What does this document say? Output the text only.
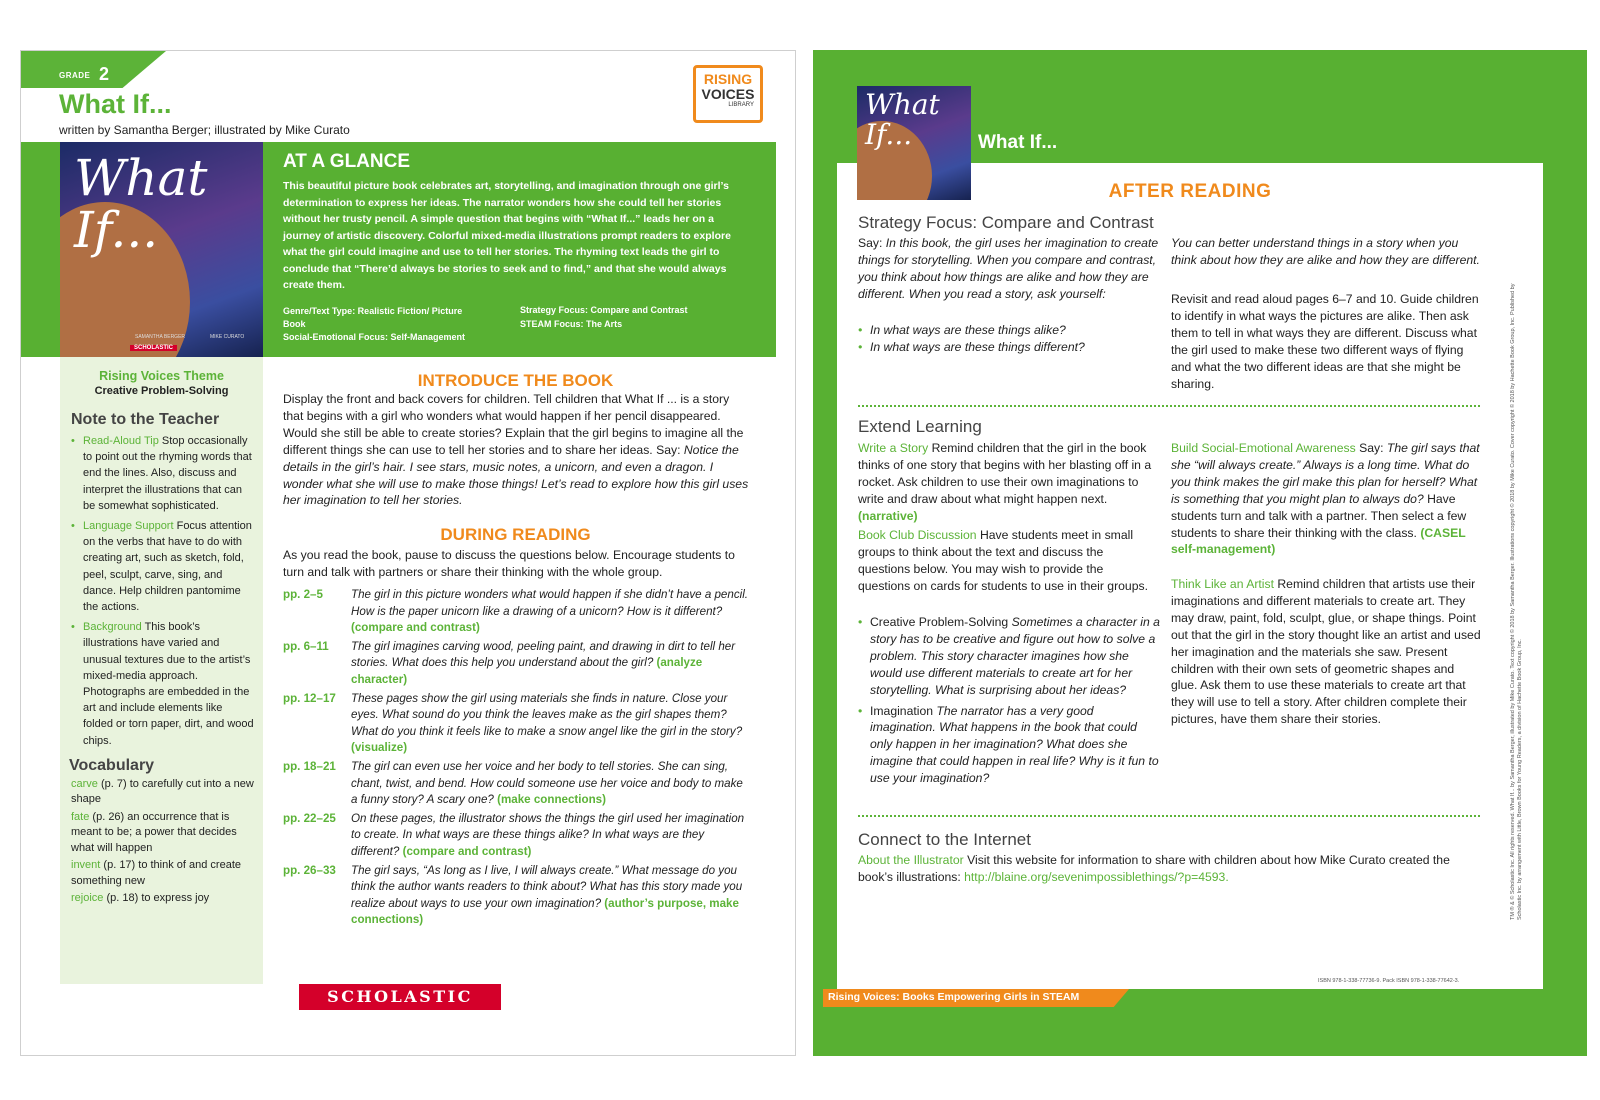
GRADE 2
What If...
written by Samantha Berger; illustrated by Mike Curato
RISING
VOICES
LIBRARY
What If...
SAMANTHA BERGER	MIKE CURATO
SCHOLASTIC
AT A GLANCE
This beautiful picture book celebrates art, storytelling, and imagination through one girl’s determination to express her ideas. The narrator wonders how she could tell her stories without her trusty pencil. A simple question that begins with “What If...” leads her on a journey of artistic discovery. Colorful mixed-media illustrations prompt readers to explore what the girl could imagine and use to tell her stories. The rhyming text leads the girl to conclude that “There’d always be stories to seek and to find,” and that she would always create them.
Genre/Text Type: Realistic Fiction/ Picture Book
Social-Emotional Focus: Self-Management
Strategy Focus: Compare and Contrast
STEAM Focus: The Arts
Rising Voices Theme
Creative Problem-Solving
Note to the Teacher
• Read-Aloud Tip Stop occasionally to point out the rhyming words that end the lines. Also, discuss and interpret the illustrations that can be somewhat sophisticated.
• Language Support Focus attention on the verbs that have to do with creating art, such as sketch, fold, peel, sculpt, carve, sing, and dance. Help children pantomime the actions.
• Background This book’s illustrations have varied and unusual textures due to the artist’s mixed-media approach. Photographs are embedded in the art and include elements like folded or torn paper, dirt, and wood chips.
Vocabulary
carve (p. 7) to carefully cut into a new shape
fate (p. 26) an occurrence that is meant to be; a power that decides what will happen
invent (p. 17) to think of and create something new
rejoice (p. 18) to express joy
INTRODUCE THE BOOK
Display the front and back covers for children. Tell children that What If ... is a story that begins with a girl who wonders what would happen if her pencil disappeared. Would she still be able to create stories? Explain that the girl begins to imagine all the different things she can use to tell her stories and to share her ideas. Say: Notice the details in the girl’s hair. I see stars, music notes, a unicorn, and even a dragon. I wonder what she will use to make those things! Let’s read to explore how this girl uses her imagination to tell her stories.
DURING READING
As you read the book, pause to discuss the questions below. Encourage students to turn and talk with partners or share their thinking with the whole group.
pp. 2–5	The girl in this picture wonders what would happen if she didn’t have a pencil. How is the paper unicorn like a drawing of a unicorn? How is it different? (compare and contrast)
pp. 6–11	The girl imagines carving wood, peeling paint, and drawing in dirt to tell her stories. What does this help you understand about the girl? (analyze character)
pp. 12–17	These pages show the girl using materials she finds in nature. Close your eyes. What sound do you think the leaves make as the girl shapes them? What do you think it feels like to make a snow angel like the girl in the story? (visualize)
pp. 18–21	The girl can even use her voice and her body to tell stories. She can sing, chant, twist, and bend. How could someone use her voice and body to make a funny story? A scary one? (make connections)
pp. 22–25	On these pages, the illustrator shows the things the girl used her imagination to create. In what ways are these things alike? In what ways are they different? (compare and contrast)
pp. 26–33	The girl says, “As long as I live, I will always create.” What message do you think the author wants readers to think about? What has this story made you realize about ways to use your own imagination? (author’s purpose, make connections)
SCHOLASTIC
What If...	What If...
AFTER READING
Strategy Focus: Compare and Contrast
Say: In this book, the girl uses her imagination to create things for storytelling. When you compare and contrast, you think about how things are alike and how they are different. When you read a story, ask yourself:
• In what ways are these things alike?
• In what ways are these things different?
You can better understand things in a story when you think about how they are alike and how they are different.
Revisit and read aloud pages 6–7 and 10. Guide children to identify in what ways the pictures are alike. Then ask them to tell in what ways they are different. Discuss what the girl used to make these two different ways of flying and what the two different ideas are that she might be sharing.
Extend Learning
Write a Story Remind children that the girl in the book thinks of one story that begins with her blasting off in a rocket. Ask children to use their own imaginations to write and draw about what might happen next. (narrative)
Book Club Discussion Have students meet in small groups to think about the text and discuss the questions below. You may wish to provide the questions on cards for students to use in their groups.
• Creative Problem-Solving Sometimes a character in a story has to be creative and figure out how to solve a problem. This story character imagines how she would use different materials to create art for her storytelling. What is surprising about her ideas?
• Imagination The narrator has a very good imagination. What happens in the book that could only happen in her imagination? What does she imagine that could happen in real life? Why is it fun to use your imagination?
Build Social-Emotional Awareness Say: The girl says that she “will always create.” Always is a long time. What do you think makes the girl make this plan for herself? What is something that you might plan to always do? Have students turn and talk with a partner. Then select a few students to share their thinking with the class. (CASEL self-management)
Think Like an Artist Remind children that artists use their imaginations and different materials to create art. They may draw, paint, fold, sculpt, glue, or shape things. Point out that the girl in the story thought like an artist and used her imagination and the materials she saw. Present children with their own sets of geometric shapes and glue. Ask them to use these materials to create art that they will use to tell a story. After children complete their pictures, have them share their stories.
Connect to the Internet
About the Illustrator Visit this website for information to share with children about how Mike Curato created the book’s illustrations: http://blaine.org/sevenimpossiblethings/?p=4593.	TM ® & © Scholastic Inc. All rights reserved. What If... by Samantha Berger, illustrated by Mike Curato. Text copyright © 2018 by Samantha Berger. Illustrations copyright © 2018 by Mike Curato. Cover copyright © 2018 by Hachette Book Group, Inc. Published by Scholastic Inc. by arrangement with Little, Brown Books for Young Readers, a division of Hachette Book Group, Inc.
ISBN 978-1-338-77736-9. Pack ISBN 978-1-338-77642-3.
Rising Voices: Books Empowering Girls in STEAM
